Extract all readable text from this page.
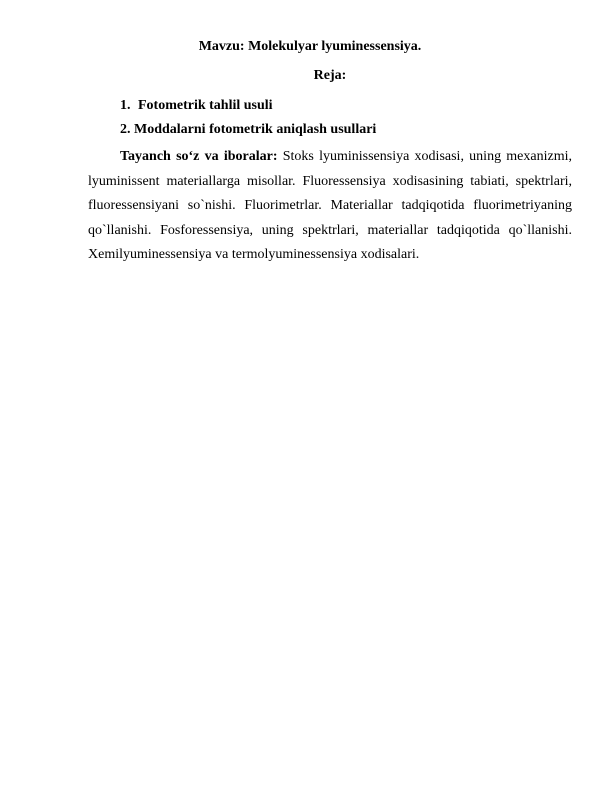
Mavzu: Molekulyar lyuminessensiya.
Reja:
1. Fotometrik tahlil usuli
2. Moddalarni fotometrik aniqlash usullari
Tayanch so‘z va iboralar: Stoks lyuminissensiya xodisasi, uning mexanizmi, lyuminissent materiallarga misollar. Fluoressensiya xodisasining tabiati, spektrlari, fluoressensiyani so`nishi. Fluorimetrlar. Materiallar tadqiqotida fluorimetriyaning qo`llanishi. Fosforessensiya, uning spektrlari, materiallar tadqiqotida qo`llanishi. Xemilyuminessensiya va termolyuminessensiya xodisalari.
